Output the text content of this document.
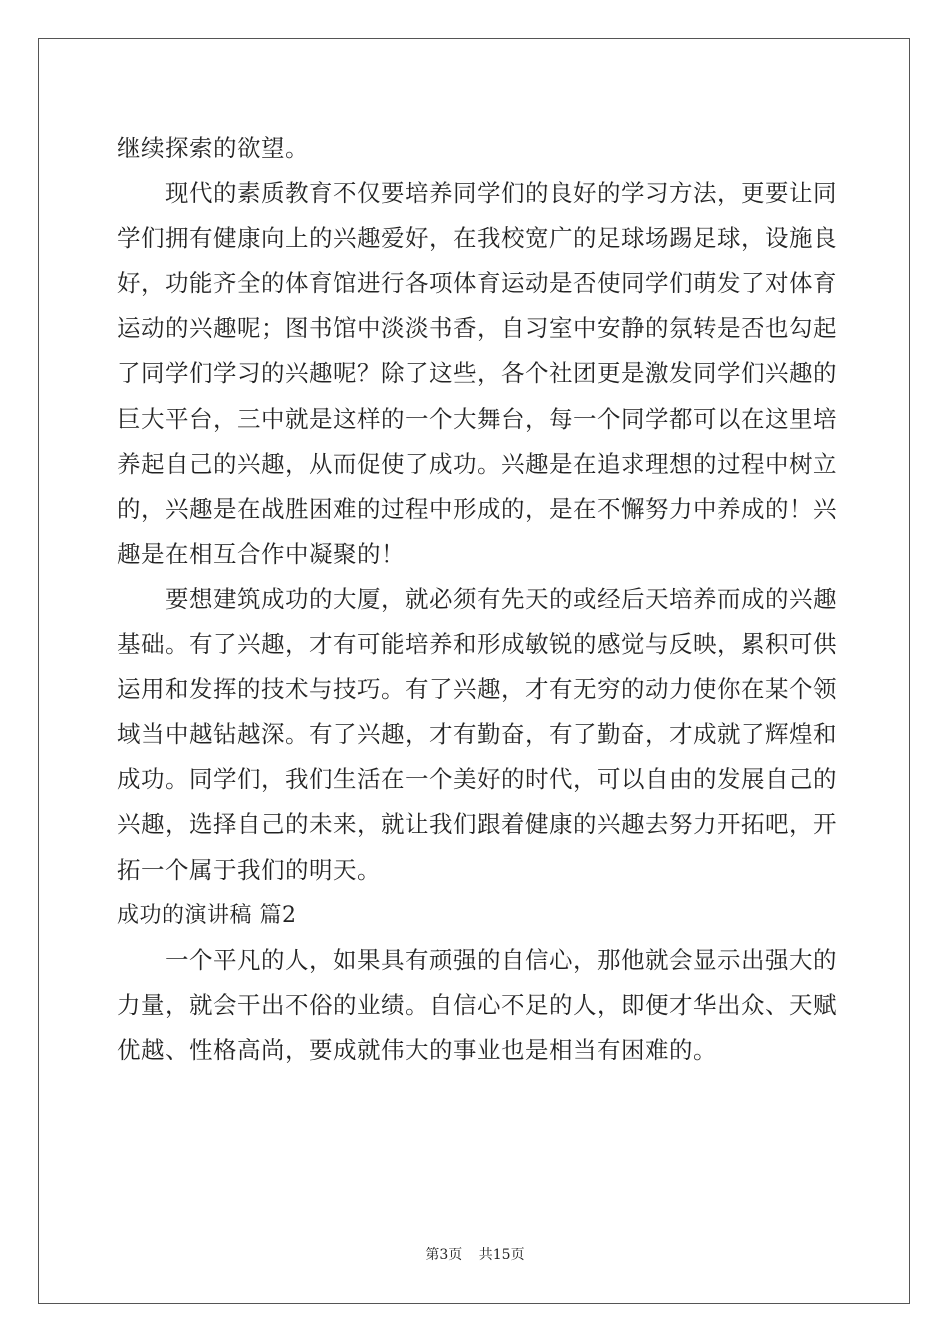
继续探索的欲望。
现代的素质教育不仅要培养同学们的良好的学习方法，更要让同
学们拥有健康向上的兴趣爱好，在我校宽广的足球场踢足球，设施良
好，功能齐全的体育馆进行各项体育运动是否使同学们萌发了对体育
运动的兴趣呢；图书馆中淡淡书香，自习室中安静的氛转是否也勾起
了同学们学习的兴趣呢？除了这些，各个社团更是激发同学们兴趣的
巨大平台，三中就是这样的一个大舞台，每一个同学都可以在这里培
养起自己的兴趣，从而促使了成功。兴趣是在追求理想的过程中树立
的，兴趣是在战胜困难的过程中形成的，是在不懈努力中养成的！兴
趣是在相互合作中凝聚的！
要想建筑成功的大厦，就必须有先天的或经后天培养而成的兴趣
基础。有了兴趣，才有可能培养和形成敏锐的感觉与反映，累积可供
运用和发挥的技术与技巧。有了兴趣，才有无穷的动力使你在某个领
域当中越钻越深。有了兴趣，才有勤奋，有了勤奋，才成就了辉煌和
成功。同学们，我们生活在一个美好的时代，可以自由的发展自己的
兴趣，选择自己的未来，就让我们跟着健康的兴趣去努力开拓吧，开
拓一个属于我们的明天。
成功的演讲稿 篇2
一个平凡的人，如果具有顽强的自信心，那他就会显示出强大的
力量，就会干出不俗的业绩。自信心不足的人，即便才华出众、天赋
优越、性格高尚，要成就伟大的事业也是相当有困难的。
第3页 共15页
